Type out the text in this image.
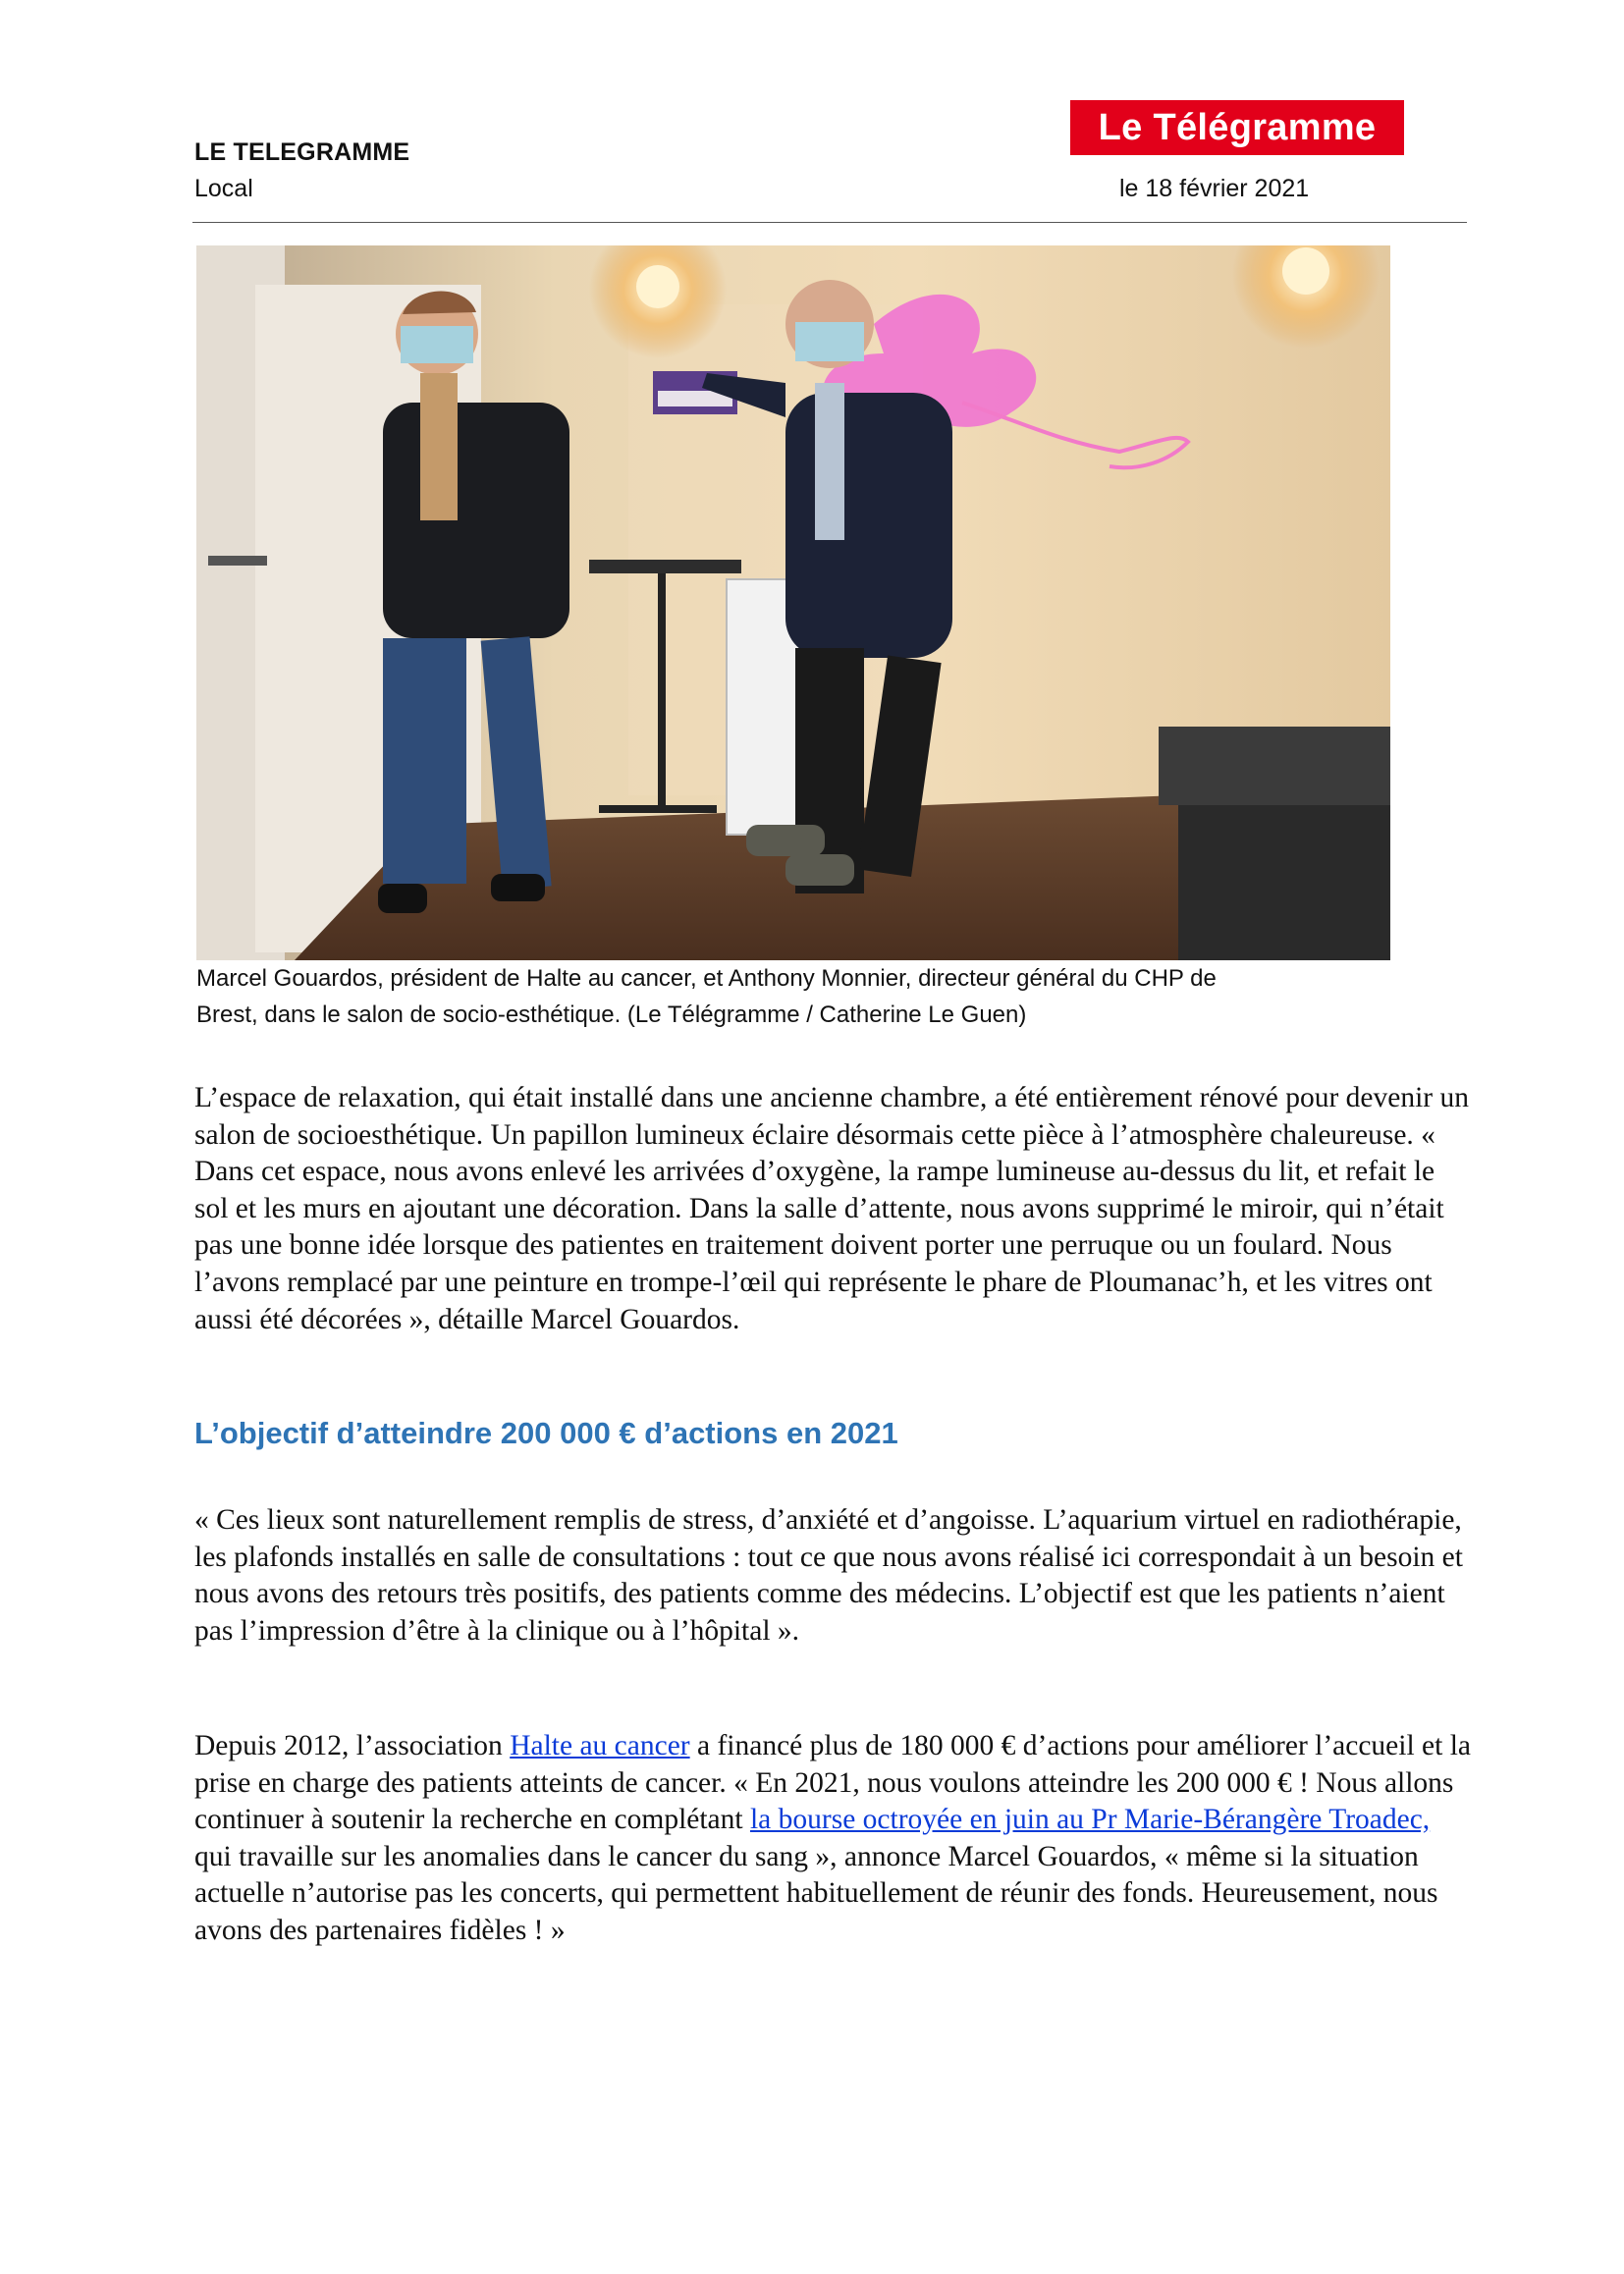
LE TELEGRAMME
Local
Le Télégramme
le 18 février 2021
Marcel Gouardos, président de Halte au cancer, et Anthony Monnier, directeur général du CHP de
Brest, dans le salon de socio-esthétique. (Le Télégramme / Catherine Le Guen)

L’espace de relaxation, qui était installé dans une ancienne chambre, a été entièrement rénové pour devenir un salon de socioesthétique. Un papillon lumineux éclaire désormais cette pièce à l’atmosphère chaleureuse. « Dans cet espace, nous avons enlevé les arrivées d’oxygène, la rampe lumineuse au-dessus du lit, et refait le sol et les murs en ajoutant une décoration. Dans la salle d’attente, nous avons supprimé le miroir, qui n’était pas une bonne idée lorsque des patientes en traitement doivent porter une perruque ou un foulard. Nous l’avons remplacé par une peinture en trompe-l’œil qui représente le phare de Ploumanac’h, et les vitres ont aussi été décorées », détaille Marcel Gouardos.

L’objectif d’atteindre 200 000 € d’actions en 2021

« Ces lieux sont naturellement remplis de stress, d’anxiété et d’angoisse. L’aquarium virtuel en radiothérapie, les plafonds installés en salle de consultations : tout ce que nous avons réalisé ici correspondait à un besoin et nous avons des retours très positifs, des patients comme des médecins. L’objectif est que les patients n’aient pas l’impression d’être à la clinique ou à l’hôpital ».

Depuis 2012, l’association Halte au cancer a financé plus de 180 000 € d’actions pour améliorer l’accueil et la prise en charge des patients atteints de cancer. « En 2021, nous voulons atteindre les 200 000 € ! Nous allons continuer à soutenir la recherche en complétant la bourse octroyée en juin au Pr Marie-Bérangère Troadec, qui travaille sur les anomalies dans le cancer du sang », annonce Marcel Gouardos, « même si la situation actuelle n’autorise pas les concerts, qui permettent habituellement de réunir des fonds. Heureusement, nous avons des partenaires fidèles ! »
